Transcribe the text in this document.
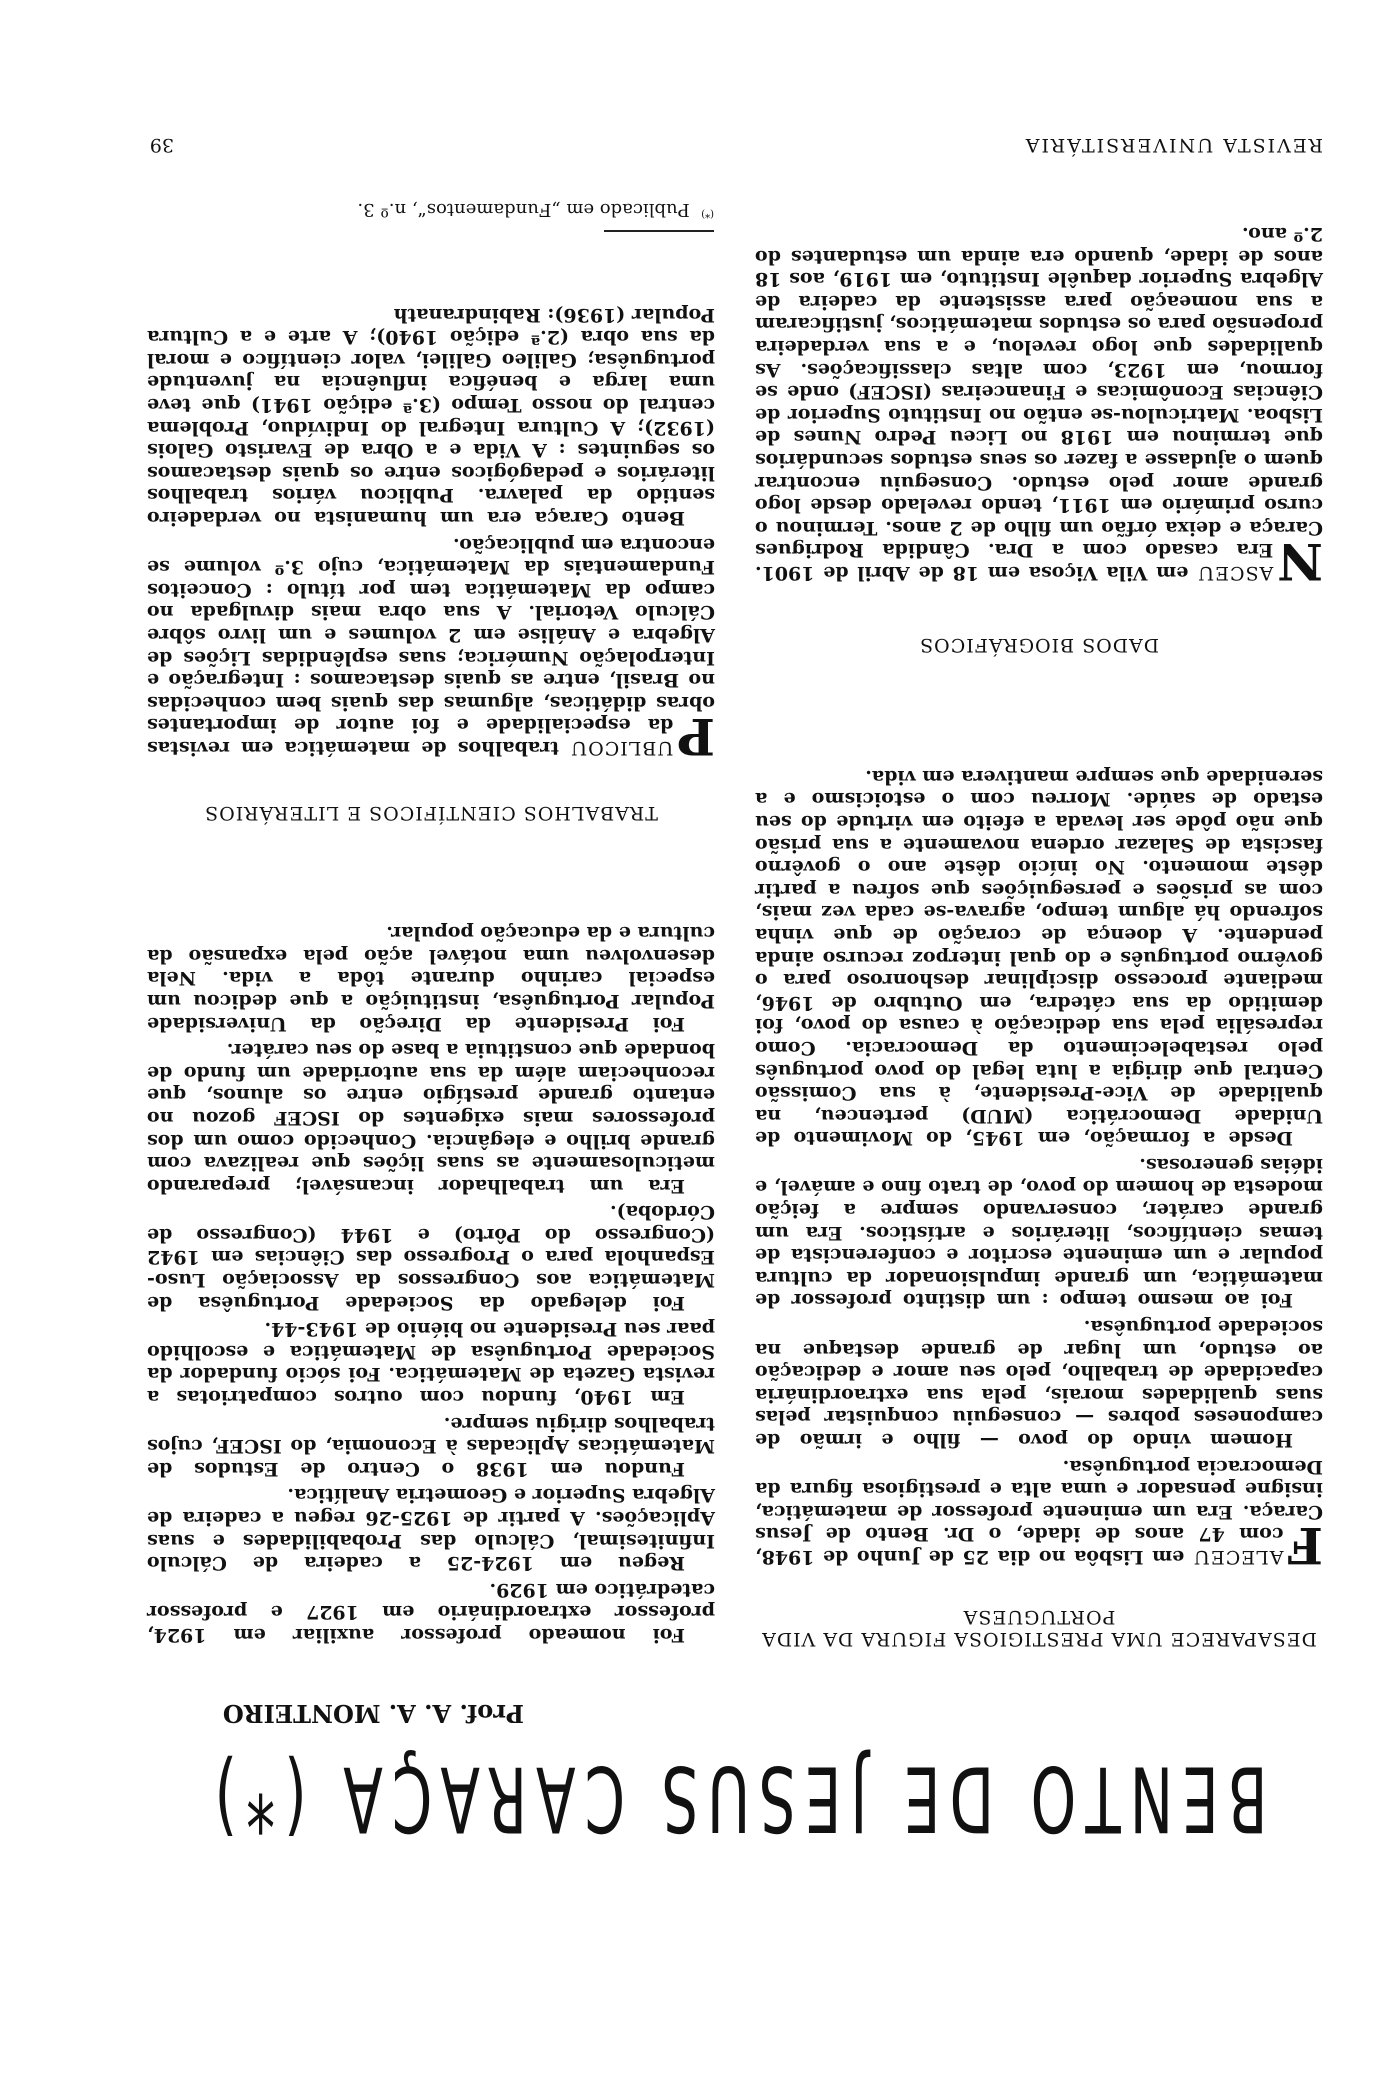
BENTO DE JESUS CARAÇA (*)
Prof. A. A. MONTEIRO
DESAPARECE UMA PRESTIGIOSA FIGURA DA VIDA PORTUGUESA

F
ALECEU em Lisbôa no dia 25 de Junho de 1948, com 47 anos de idade, o Dr. Bento de Jesus Caraça. Era um eminente professor de matemática, insigne pensador e uma alta e prestigiosa figura da Democracia portuguêsa.

Homem vindo do povo — filho e irmão de camponeses pobres — conseguiu conquistar pelas suas qualidades morais, pela sua extraordinária capacidade de trabalho, pelo seu amor e dedicação ao estudo, um lugar de grande destaque na sociedade portuguêsa.

Foi ao mesmo tempo : um distinto professor de matemática, um grande impulsionador da cultura popular e um eminente escritor e conferencista de temas científicos, literários e artísticos. Era um grande caráter, conservando sempre a feição modesta de homem do povo, de trato fino e amável, e idéias generosas.

Desde a formação, em 1945, do Movimento de Unidade Democrática (MUD) pertenceu, na qualidade de Vice-Presidente, à sua Comissão Central que dirigia a luta legal do povo português pelo restabelecimento da Democracia. Como represália pela sua dedicação à causa do povo, foi demitido da sua cátedra, em Outubro de 1946, mediante processo disciplinar deshonroso para o govêrno português e do qual interpoz recurso ainda pendente. A doença de coração de que vinha sofrendo há algum tempo, agrava-se cada vez mais, com as prisões e perseguições que sofreu a partir dêste momento. No início dêste ano o govêrno fascista de Salazar ordena novamente a sua prisão que não pôde ser levada a efeito em virtude do seu estado de saúde. Morreu com o estoicismo e a serenidade que sempre mantivera em vida.

DADOS BIOGRÁFICOS

N
ASCEU em Vila Viçosa em 18 de Abril de 1901. Era casado com a Dra. Cândida Rodrigues Caraça e deixa órfão um filho de 2 anos. Terminou o curso primário em 1911, tendo revelado desde logo grande amor pelo estudo. Conseguiu encontrar quem o ajudasse a fazer os seus estudos secundários que terminou em 1918 no Liceu Pedro Nunes de Lisboa. Matriculou-se então no Instituto Superior de Ciências Econômicas e Financeiras (ISCEF) onde se formou, em 1923, com altas classificações. As qualidades que logo revelou, e a sua verdadeira propensão para os estudos matemáticos, justificaram a sua nomeação para assistente da cadeira de Algebra Superior daquêle Instituto, em 1919, aos 18 anos de idade, quando era ainda um estudantes do 2.º ano.

Foi nomeado professor auxiliar em 1924, professor extraordinário em 1927 e professor catedrático em 1929.

Regeu em 1924-25 a cadeira de Cálculo Infinitesimal, Cálculo das Probabilidades e suas Aplicações. A partir de 1925-26 regeu a cadeira de Algebra Superior e Geometria Analítica.

Fundou em 1938 o Centro de Estudos de Matemáticas Aplicadas à Economia, do ISCEF, cujos trabalhos dirigiu sempre.

Em 1940, fundou com outros compatriotas a revista Gazeta de Matemática. Foi sócio fundador da Sociedade Portuguêsa de Matemática e escolhido paar seu Presidente no biénio de 1943-44.

Foi delegado da Sociedade Portuguêsa de Matemática aos Congressos da Associação Luso-Espanhola para o Progresso das Ciências em 1942 (Congresso do Pôrto) e 1944 (Congresso de Córdoba).

Era um trabalhador incansável; preparando meticulosamente as suas lições que realizava com grande brilho e elegância. Conhecido como um dos professores mais exigentes do ISCEF gozou no entanto grande prestígio entre os alunos, que reconheciam além da sua autoridade um fundo de bondade que constituia a base do seu caráter.

Foi Presidente da Direção da Universidade Popular Portuguêsa, instituição a que dedicou um especial carinho durante tôda a vida. Nela desenvolveu uma notável ação pela expansão da cultura e da educação popular.

TRABALHOS CIENTÍFICOS E LITERÁRIOS

P
UBLICOU trabalhos de matemática em revistas da especialidade e foi autor de importantes obras didáticas, algumas das quais bem conhecidas no Brasil, entre as quais destacamos : Integração e Interpolação Numérica; suas esplêndidas Lições de Algebra e Análise em 2 volumes e um livro sôbre Cálculo Vetorial. A sua obra mais divulgada no campo da Matemática tem por título : Conceitos Fundamentais da Matemática, cujo 3.º volume se encontra em publicação.

Bento Caraça era um humanista no verdadeiro sentido da palavra. Publicou vários trabalhos literários e pedagógicos entre os quais destacamos os seguintes : A Vida e a Obra de Evaristo Galois (1932); A Cultura Integral do Indivíduo, Problema central do nosso Tempo (3.ª edição 1941) que teve uma larga e benéfica influência na juventude portuguêsa; Galileo Galilei, valor científico e moral da sua obra (2.ª edição 1940); A arte e a Cultura Popular (1936): Rabindranath

(*)  Publicado em „Fundamentos“, n.º 3.
REVISTA UNIVERSITÁRIA
39
